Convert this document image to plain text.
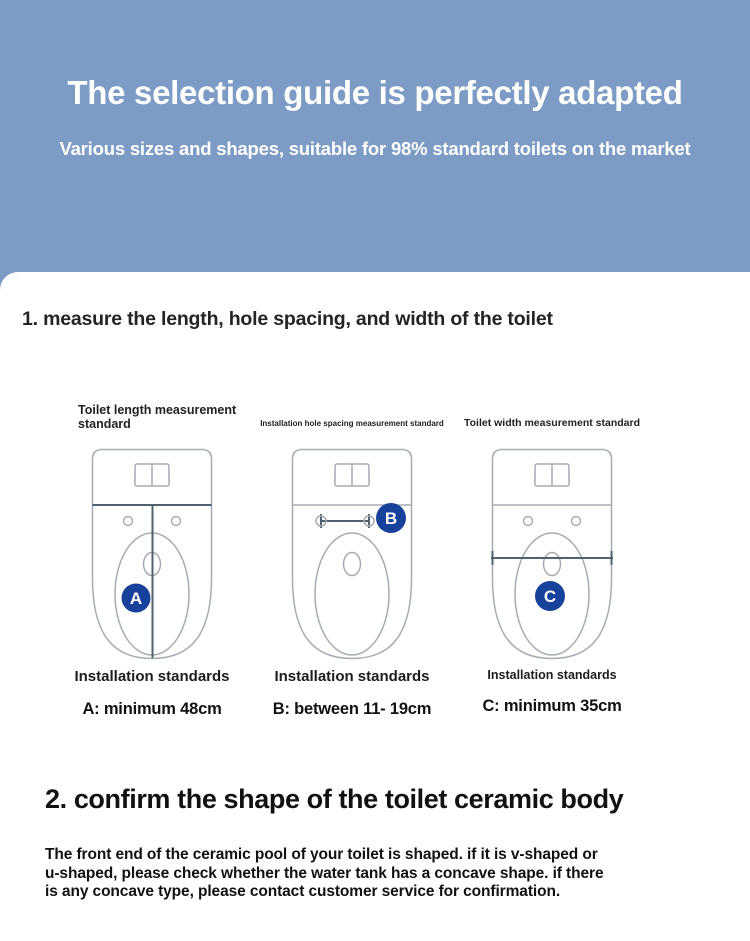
The selection guide is perfectly adapted
Various sizes and shapes, suitable for 98% standard toilets on the market
1. measure the length, hole spacing, and width of the toilet
Toilet length measurement standard
A
Installation standards
A: minimum 48cm
Installation hole spacing measurement standard
B
Installation standards
B: between 11- 19cm
Toilet width measurement standard
C
Installation standards
C: minimum 35cm
2. confirm the shape of the toilet ceramic body
The front end of the ceramic pool of your toilet is shaped. if it is v-shaped or
u-shaped, please check whether the water tank has a concave shape. if there
is any concave type, please contact customer service for confirmation.
